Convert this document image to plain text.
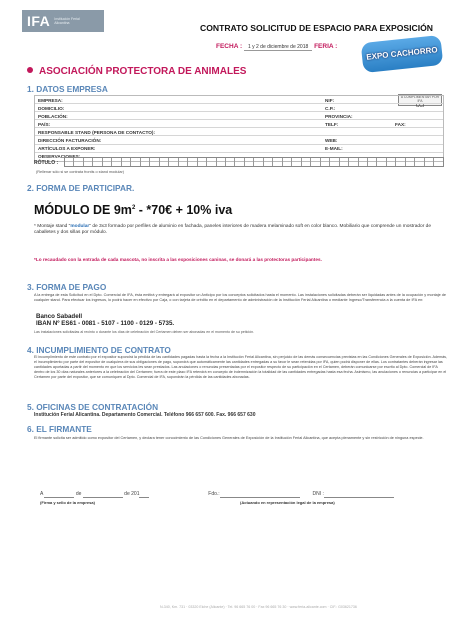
IFA Institución Ferial Alicantina	CONTRATO SOLICITUD DE ESPACIO PARA EXPOSICIÓN
FECHA : 1 y 2 de diciembre de 2018 FERIA :	EXPO CACHORRO
ASOCIACIÓN PROTECTORA DE ANIMALES
1. DATOS EMPRESA
A CUMPLIMENTAR POR IFA
CCI
EMPRESA:	NIF:
DOMICILIO:	C.P.:
POBLACIÓN:	PROVINCIA:
PAÍS:	TELF:	FAX:
RESPONSABLE STAND (PERSONA DE CONTACTO):
DIRECCIÓN FACTURACIÓN:	WEB:
ARTÍCULOS A EXPONER:	E-MAIL:
OBSERVACIONES:
RÓTULO :
(Rellenar sólo si se contrata frontis o stand modular)
2. FORMA DE PARTICIPAR.
MÓDULO DE $9m^2$ - *70€ + 10% iva
* Montaje stand "modular" de 3x3 formado por perfiles de aluminio en fachada, paneles interiores de madera melaminado soft en color blanco. Mobiliario que comprende un mostrador de caballetes y dos sillas por módulo.
*Lo recaudado con la entrada de cada mascota, no inscrita a las exposiciones caninas, se donará a las protectoras participantes.
3. FORMA DE PAGO
A la entrega de esta Solicitud en el Dpto. Comercial de IFA, ésta emitirá y entregará al expositor un Anticipo por los conceptos solicitados hasta el momento. Las instalaciones solicitadas deberán ser liquidadas antes de la ocupación y montaje de cualquier stand. Para efectuar los ingresos, lo podrá hacer en efectivo por Caja, o con tarjeta de crédito en el departamento de administración de la Institución Ferial Alicantina o mediante Ingreso/Transferencia a la cuenta de IFA en:
Banco Sabadell
IBAN Nº ES61 - 0081 - 5107 - 1100 - 0129 - 5735.
Las instalaciones solicitadas al recinto o durante los días de celebración del Certamen deben ser abonadas en el momento de su petición.
4. INCUMPLIMIENTO DE CONTRATO
El incumplimiento de este contrato por el expositor supondrá la pérdida de las cantidades pagadas hasta la fecha a la Institución Ferial Alicantina, sin perjuicio de las demás consecuencias previstas en las Condiciones Generales de Exposición. Además, el incumplimiento por parte del expositor de cualquiera de sus obligaciones de pago, supondrá que automáticamente las cantidades entregadas a su favor le sean retenidas por IFA, quien podrá disponer de ellas. Los contratantes deberán ingresar las cantidades aportadas a partir del momento en que los servicios les sean prestados. Las anulaciones o renuncias presentadas por el expositor respecto de su participación en el Certamen, deberán comunicarse por escrito al Dpto. Comercial de IFA dentro de los 30 días naturales anteriores a la celebración del Certamen; fuera de este plazo IFA retendrá en concepto de indemnización la totalidad de las cantidades entregadas hasta esa fecha. Asimismo, las anulaciones o renuncias a participar en el Certamen por parte del expositor, que se comuniquen al Dpto. Comercial de IFA, supondrán la pérdida de las cantidades abonadas.
5. OFICINAS DE CONTRATACIÓN
Institución Ferial Alicantina. Departamento Comercial. Teléfono 966 657 600. Fax. 966 657 630
6. EL FIRMANTE
El firmante solicita ser admitido como expositor del Certamen, y declara tener conocimiento de las Condiciones Generales de Exposición de la Institución Ferial Alicantina, que acepta plenamente y sin restricción de ninguna especie.
A	de	de 201	Fdo.:	DNI :
(Firma y sello de la empresa)	(Actuando en representación legal de la empresa)
N-340, Km. 731 · 03320 Elche (Alicante) · Tel. 96 665 76 00 · Fax 96 665 76 30 · www.feria-alicante.com · CIF.: G03621736
